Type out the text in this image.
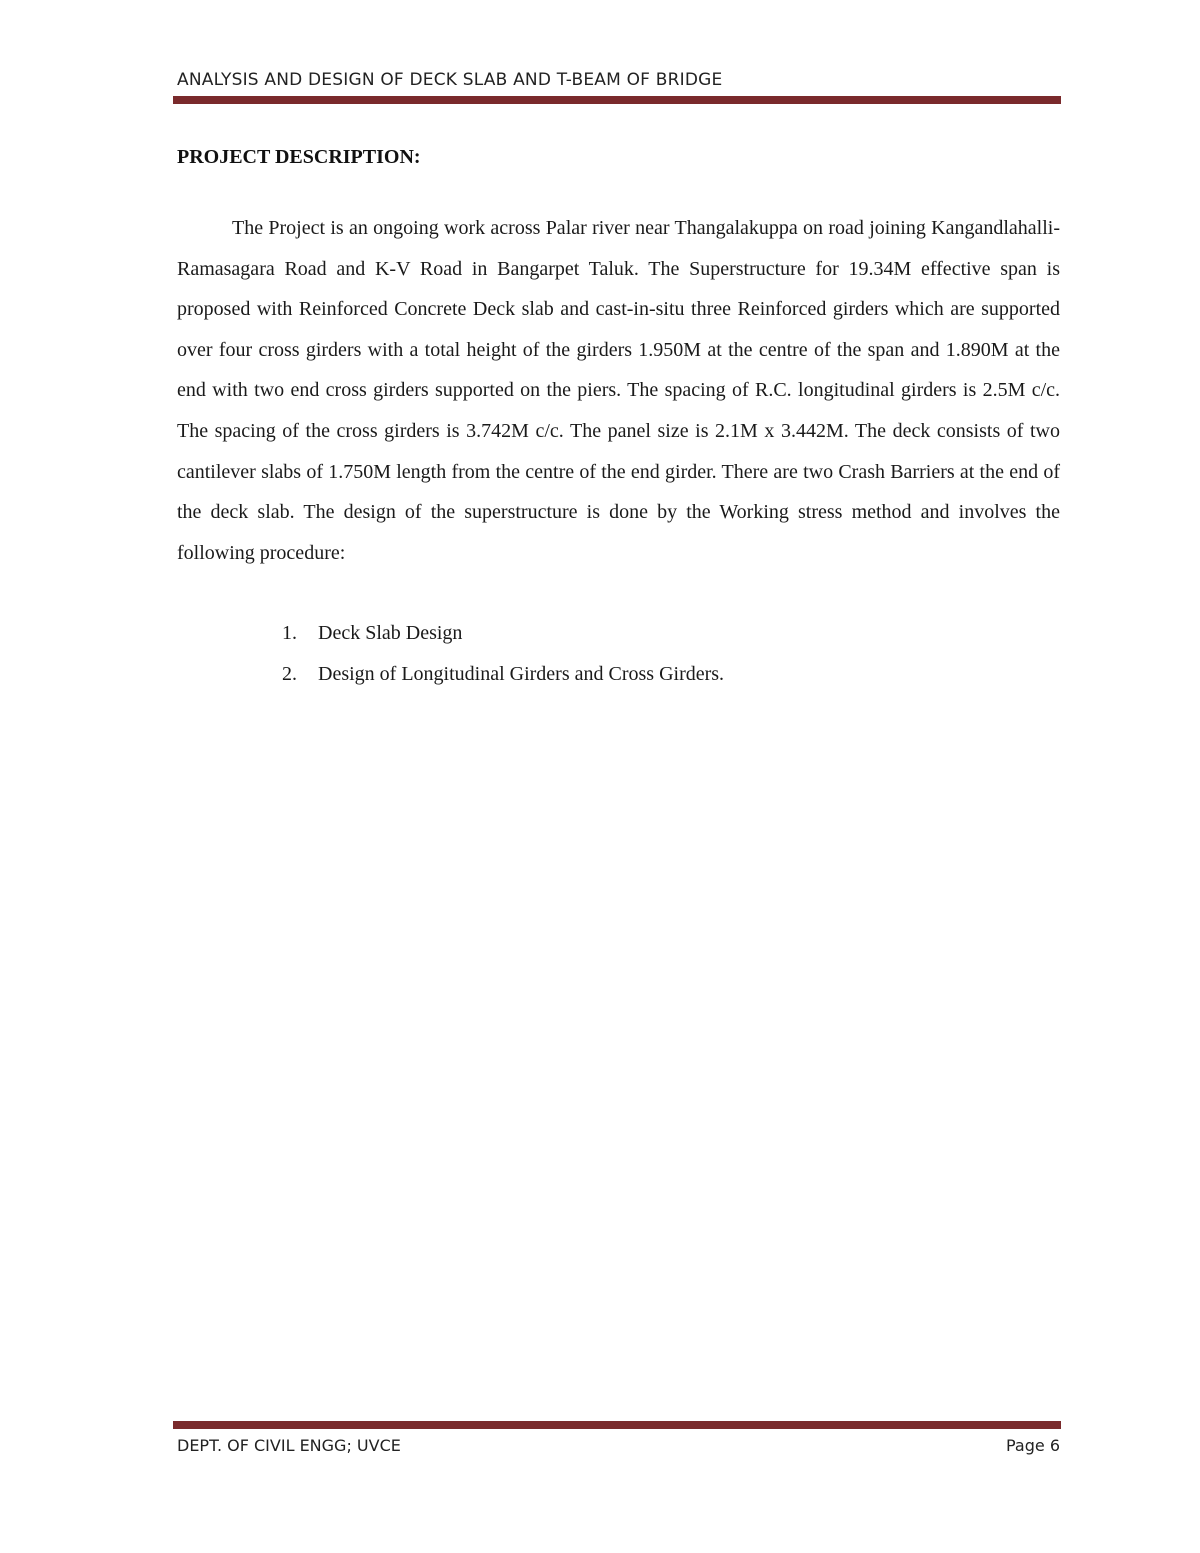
ANALYSIS AND DESIGN OF DECK SLAB AND T-BEAM OF BRIDGE
PROJECT DESCRIPTION:

The Project is an ongoing work across Palar river near Thangalakuppa on road joining Kangandlahalli-Ramasagara Road and K-V Road in Bangarpet Taluk. The Superstructure for 19.34M effective span is proposed with Reinforced Concrete Deck slab and cast-in-situ three Reinforced girders which are supported over four cross girders with a total height of the girders 1.950M at the centre of the span and 1.890M at the end with two end cross girders supported on the piers. The spacing of R.C. longitudinal girders is 2.5M c/c. The spacing of the cross girders is 3.742M c/c. The panel size is 2.1M x 3.442M. The deck consists of two cantilever slabs of 1.750M length from the centre of the end girder. There are two Crash Barriers at the end of the deck slab. The design of the superstructure is done by the Working stress method and involves the following procedure:

1.	Deck Slab Design
2.	Design of Longitudinal Girders and Cross Girders.
DEPT. OF CIVIL ENGG; UVCE	Page 6
